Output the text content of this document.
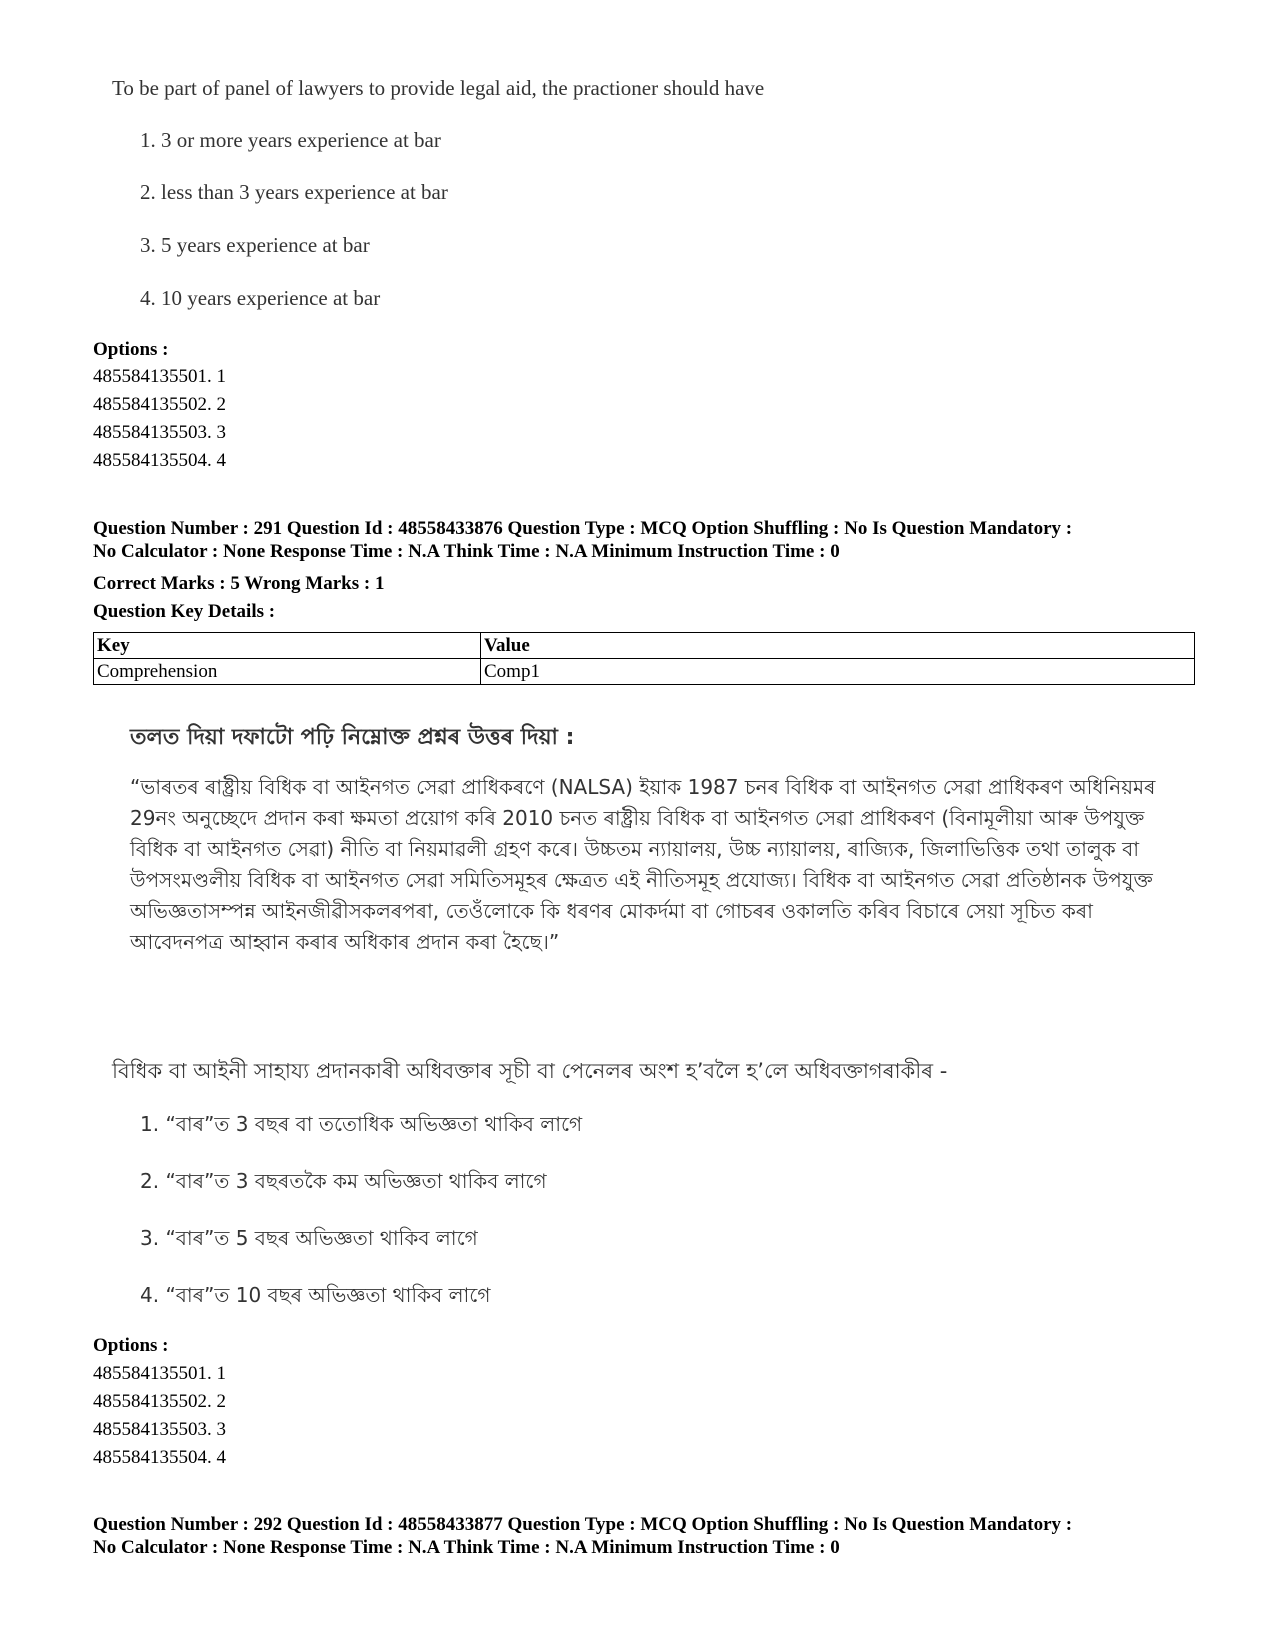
To be part of panel of lawyers to provide legal aid, the practioner should have
1. 3 or more years experience at bar
2. less than 3 years experience at bar
3. 5 years experience at bar
4. 10 years experience at bar
Options :
485584135501. 1
485584135502. 2
485584135503. 3
485584135504. 4
Question Number : 291 Question Id : 48558433876 Question Type : MCQ Option Shuffling : No Is Question Mandatory :
No Calculator : None Response Time : N.A Think Time : N.A Minimum Instruction Time : 0
Correct Marks : 5 Wrong Marks : 1
Question Key Details :
Key	Value
Comprehension	Comp1
তলত দিয়া দফাটো পঢ়ি নিম্নোক্ত প্ৰশ্নৰ উত্তৰ দিয়া :
“ভাৰতৰ ৰাষ্ট্ৰীয় বিধিক বা আইনগত সেৱা প্ৰাধিকৰণে (NALSA) ইয়াক 1987 চনৰ বিধিক বা আইনগত সেৱা প্ৰাধিকৰণ অধিনিয়মৰ 29নং অনুচ্ছেদে প্ৰদান কৰা ক্ষমতা প্ৰয়োগ কৰি 2010 চনত ৰাষ্ট্ৰীয় বিধিক বা আইনগত সেৱা প্ৰাধিকৰণ (বিনামূলীয়া আৰু উপযুক্ত বিধিক বা আইনগত সেৱা) নীতি বা নিয়মাৱলী গ্ৰহণ কৰে। উচ্চতম ন্যায়ালয়, উচ্চ ন্যায়ালয়, ৰাজ্যিক, জিলাভিত্তিক তথা তালুক বা উপসংমণ্ডলীয় বিধিক বা আইনগত সেৱা সমিতিসমূহৰ ক্ষেত্ৰত এই নীতিসমূহ প্ৰযোজ্য। বিধিক বা আইনগত সেৱা প্ৰতিষ্ঠানক উপযুক্ত অভিজ্ঞতাসম্পন্ন আইনজীৱীসকলৰপৰা, তেওঁলোকে কি ধৰণৰ মোকৰ্দমা বা গোচৰৰ ওকালতি কৰিব বিচাৰে সেয়া সূচিত কৰা আবেদনপত্ৰ আহ্বান কৰাৰ অধিকাৰ প্ৰদান কৰা হৈছে।”
বিধিক বা আইনী সাহায্য প্ৰদানকাৰী অধিবক্তাৰ সূচী বা পেনেলৰ অংশ হ’বলৈ হ’লে অধিবক্তাগৰাকীৰ -
1. “বাৰ”ত 3 বছৰ বা ততোধিক অভিজ্ঞতা থাকিব লাগে
2. “বাৰ”ত 3 বছৰতকৈ কম অভিজ্ঞতা থাকিব লাগে
3. “বাৰ”ত 5 বছৰ অভিজ্ঞতা থাকিব লাগে
4. “বাৰ”ত 10 বছৰ অভিজ্ঞতা থাকিব লাগে
Options :
485584135501. 1
485584135502. 2
485584135503. 3
485584135504. 4
Question Number : 292 Question Id : 48558433877 Question Type : MCQ Option Shuffling : No Is Question Mandatory :
No Calculator : None Response Time : N.A Think Time : N.A Minimum Instruction Time : 0
